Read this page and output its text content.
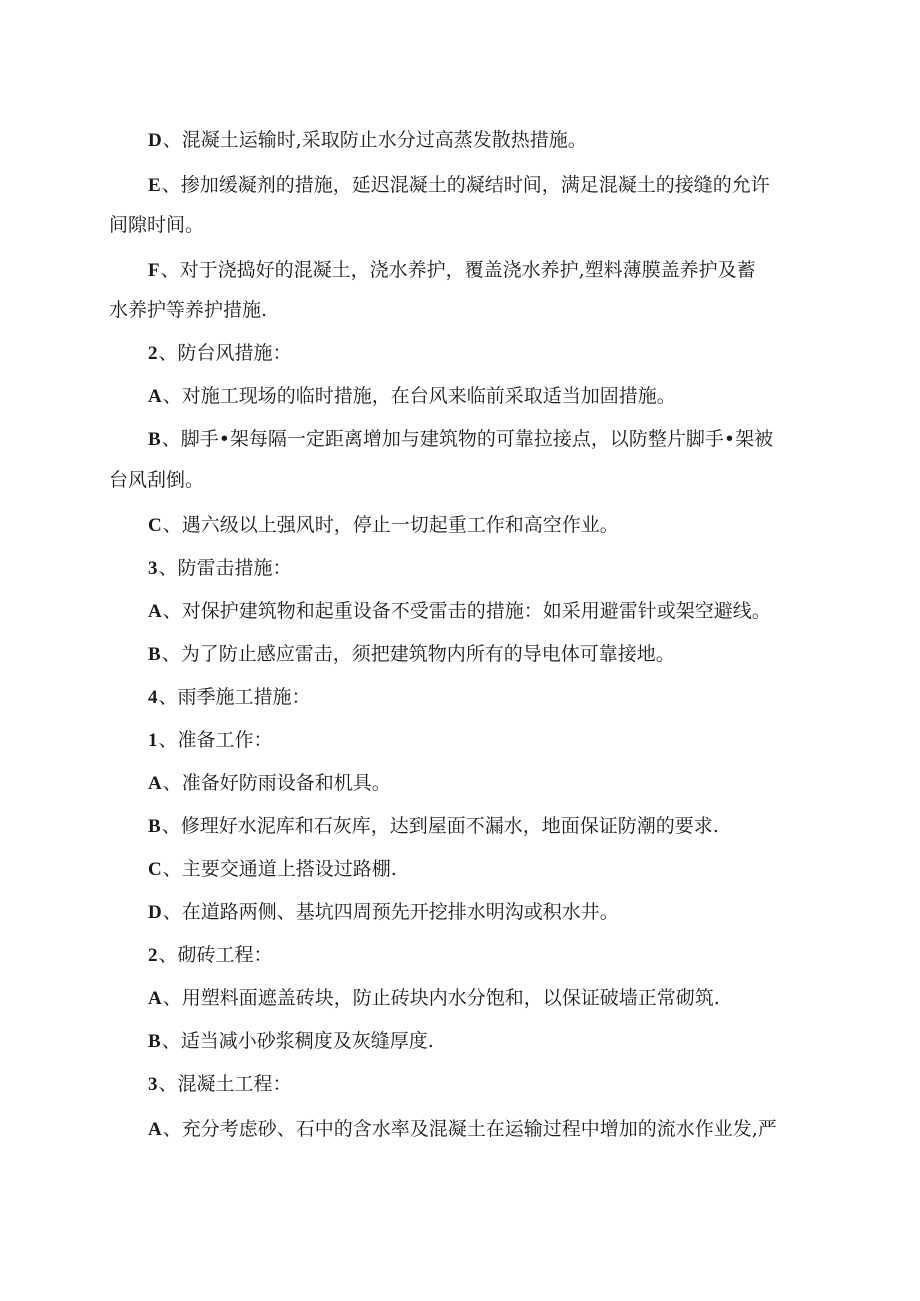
D、混凝土运输时,采取防止水分过高蒸发散热措施。

E、掺加缓凝剂的措施，延迟混凝土的凝结时间，满足混凝土的接缝的允许

间隙时间。

F、对于浇捣好的混凝土，浇水养护，覆盖浇水养护,塑料薄膜盖养护及蓄

水养护等养护措施.

2、防台风措施：

A、对施工现场的临时措施，在台风来临前采取适当加固措施。

B、脚手•架每隔一定距离增加与建筑物的可靠拉接点，以防整片脚手•架被

台风刮倒。

C、遇六级以上强风时，停止一切起重工作和高空作业。

3、防雷击措施：

A、对保护建筑物和起重设备不受雷击的措施：如采用避雷针或架空避线。

B、为了防止感应雷击，须把建筑物内所有的导电体可靠接地。

4、雨季施工措施：

1、准备工作：

A、准备好防雨设备和机具。

B、修理好水泥库和石灰库，达到屋面不漏水，地面保证防潮的要求.

C、主要交通道上搭设过路棚.

D、在道路两侧、基坑四周预先开挖排水明沟或积水井。

2、砌砖工程：

A、用塑料面遮盖砖块，防止砖块内水分饱和，以保证破墙正常砌筑.

B、适当减小砂浆稠度及灰缝厚度.

3、混凝土工程：

A、充分考虑砂、石中的含水率及混凝土在运输过程中增加的流水作业发,严
